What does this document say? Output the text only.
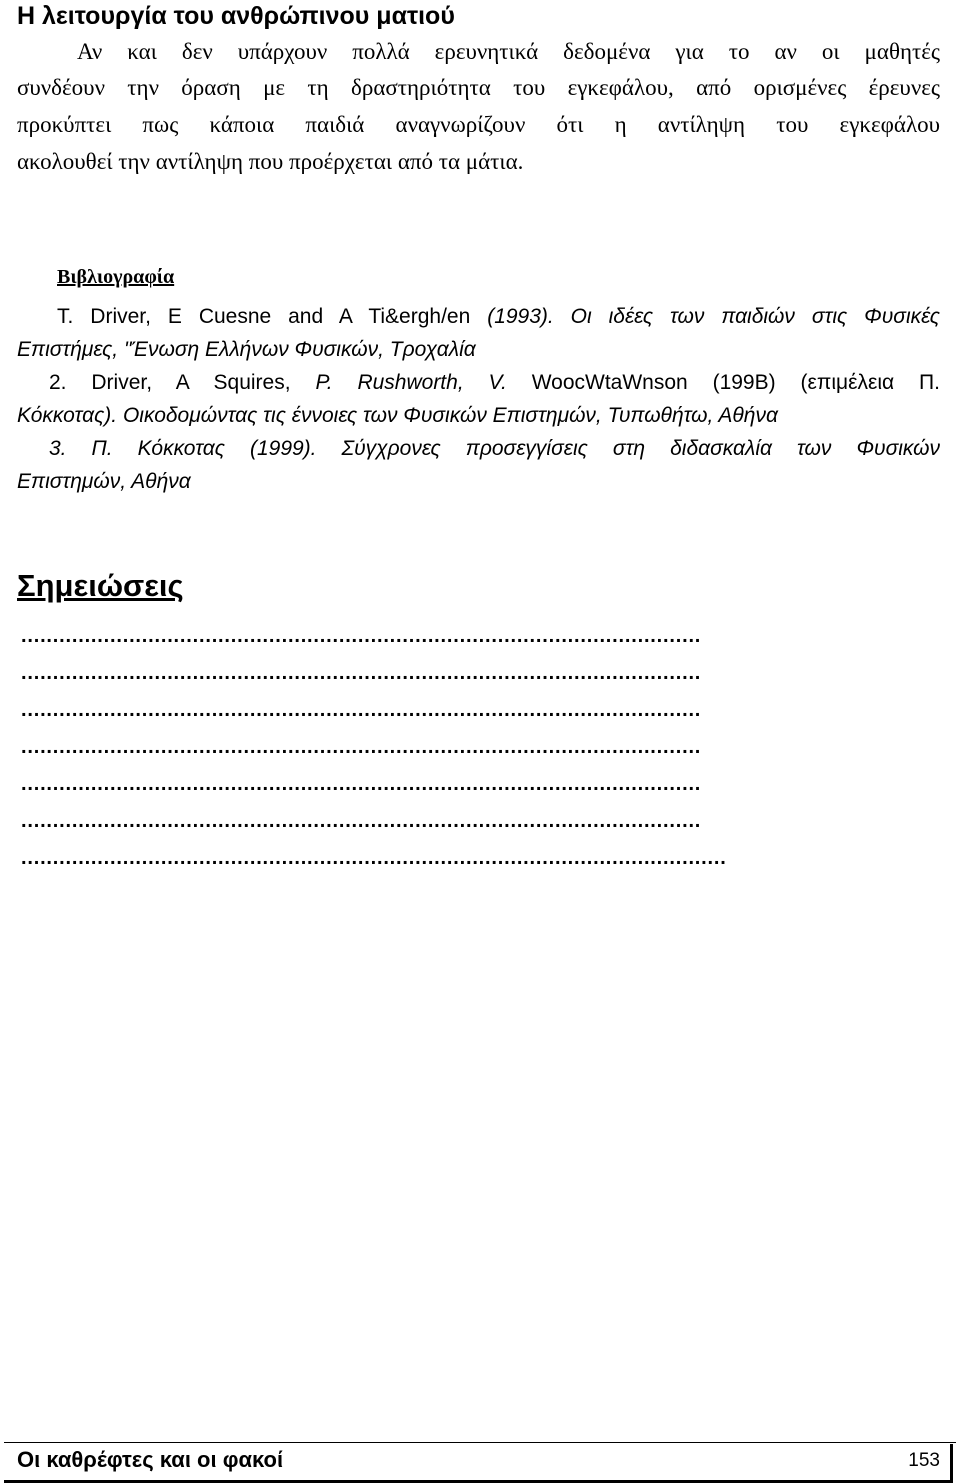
Η λειτουργία του ανθρώπινου ματιού
Αν και δεν υπάρχουν πολλά ερευνητικά δεδομένα για το αν οι μαθητές
συνδέουν την όραση με τη δραστηριότητα του εγκεφάλου, από ορισμένες έρευνες
προκύπτει πως κάποια παιδιά αναγνωρίζουν ότι η αντίληψη του εγκεφάλου
ακολουθεί την αντίληψη που προέρχεται από τα μάτια.
Βιβλιογραφία
Τ. Driver, E Cuesne and A Ti&ergh/en (1993). Οι ιδέες των παιδιών στις Φυσικές
Επιστήμες, "Ένωση Ελλήνων Φυσικών, Τροχαλία
2. Driver, A Squires, P. Rushworth, V. WoocWtaWnson (199B) (επιμέλεια Π.
Κόκκοτας). Οικοδομώντας τις έννοιες των Φυσικών Επιστημών, Τυπωθήτω, Αθήνα
3. Π. Κόκκοτας (1999). Σύγχρονες προσεγγίσεις στη διδασκαλία των Φυσικών
Επιστημών, Αθήνα
Σημειώσεις
...........................................................................................................
...........................................................................................................
...........................................................................................................
...........................................................................................................
...........................................................................................................
...........................................................................................................
...............................................................................................................
Οι καθρέφτες και οι φακοί	153
